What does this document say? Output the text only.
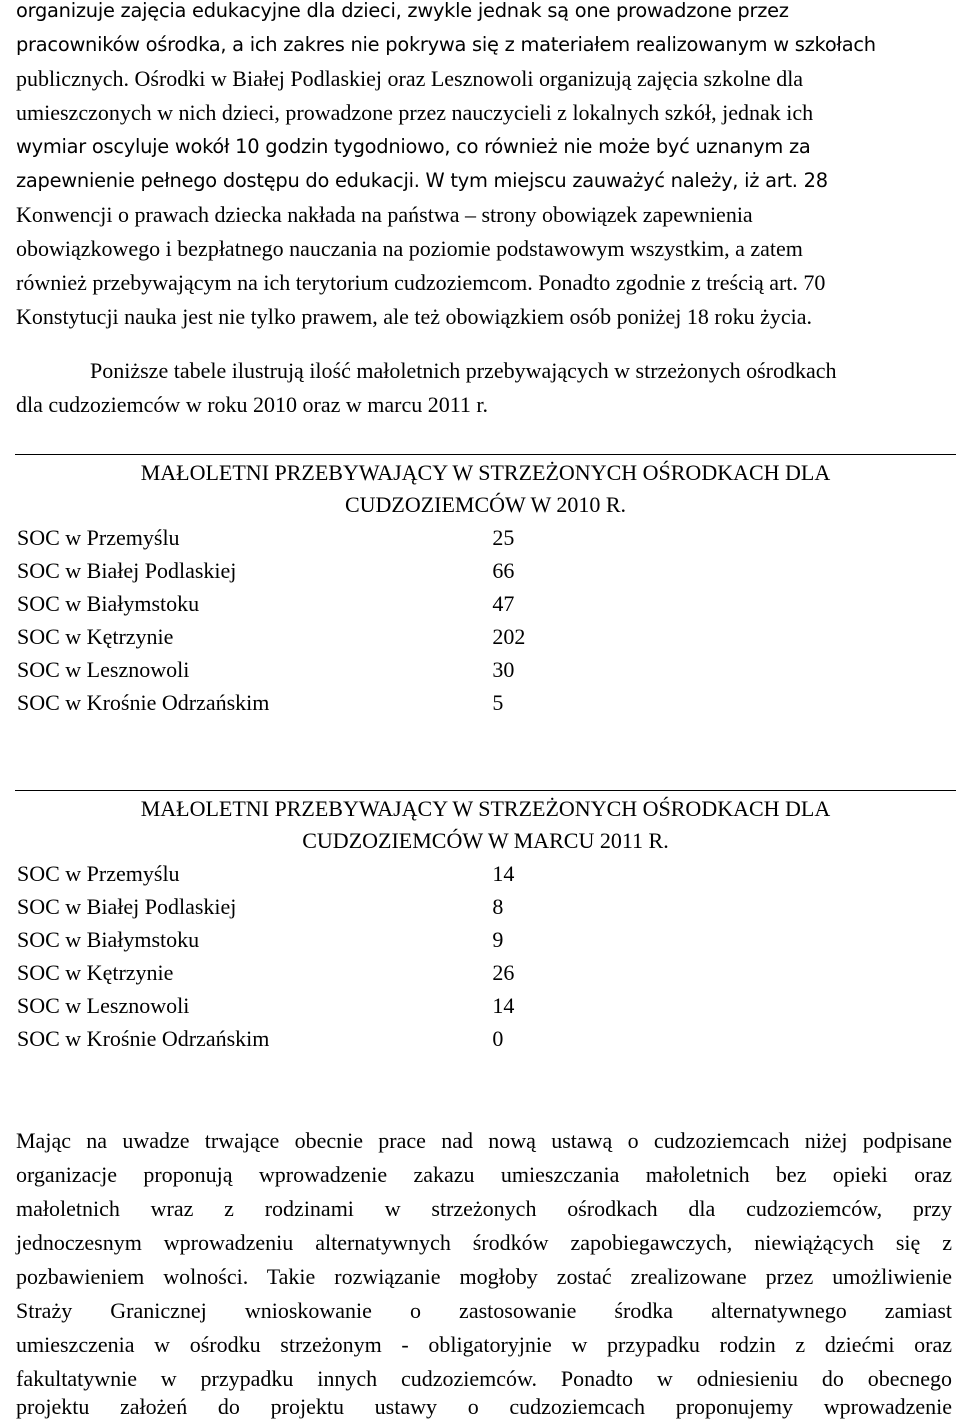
organizuje zajęcia edukacyjne dla dzieci, zwykle jednak są one prowadzone przez
pracowników ośrodka, a ich zakres nie pokrywa się z materiałem realizowanym w szkołach
publicznych. Ośrodki w Białej Podlaskiej oraz Lesznowoli organizują zajęcia szkolne dla
umieszczonych w nich dzieci, prowadzone przez nauczycieli z lokalnych szkół, jednak ich
wymiar oscyluje wokół 10 godzin tygodniowo, co również nie może być uznanym za
zapewnienie pełnego dostępu do edukacji. W tym miejscu zauważyć należy, iż art. 28
Konwencji o prawach dziecka nakłada na państwa – strony obowiązek zapewnienia
obowiązkowego i bezpłatnego nauczania na poziomie podstawowym wszystkim, a zatem
również przebywającym na ich terytorium cudzoziemcom. Ponadto zgodnie z treścią art. 70
Konstytucji nauka jest nie tylko prawem, ale też obowiązkiem osób poniżej 18 roku życia.
Poniższe tabele ilustrują ilość małoletnich przebywających w strzeżonych ośrodkach
dla cudzoziemców w roku 2010 oraz w marcu 2011 r.
MAŁOLETNI PRZEBYWAJĄCY W STRZEŻONYCH OŚRODKACH DLA
CUDZOZIEMCÓW W 2010 R.	

SOC w Przemyślu	25
SOC w Białej Podlaskiej	66
SOC w Białymstoku	47
SOC w Kętrzynie	202
SOC w Lesznowoli	30
SOC w Krośnie Odrzańskim	5
MAŁOLETNI PRZEBYWAJĄCY W STRZEŻONYCH OŚRODKACH DLA
CUDZOZIEMCÓW W MARCU 2011 R.	

SOC w Przemyślu	14
SOC w Białej Podlaskiej	8
SOC w Białymstoku	9
SOC w Kętrzynie	26
SOC w Lesznowoli	14
SOC w Krośnie Odrzańskim	0
Mając na uwadze trwające obecnie prace nad nową ustawą o cudzoziemcach niżej podpisane
organizacje proponują wprowadzenie zakazu umieszczania małoletnich bez opieki oraz
małoletnich wraz z rodzinami w strzeżonych ośrodkach dla cudzoziemców, przy
jednoczesnym wprowadzeniu alternatywnych środków zapobiegawczych, niewiążących się z
pozbawieniem wolności. Takie rozwiązanie mogłoby zostać zrealizowane przez umożliwienie
Straży Granicznej wnioskowanie o zastosowanie środka alternatywnego zamiast
umieszczenia w ośrodku strzeżonym - obligatoryjnie w przypadku rodzin z dziećmi oraz
fakultatywnie w przypadku innych cudzoziemców. Ponadto w odniesieniu do obecnego
projektu założeń do projektu ustawy o cudzoziemcach proponujemy wprowadzenie
